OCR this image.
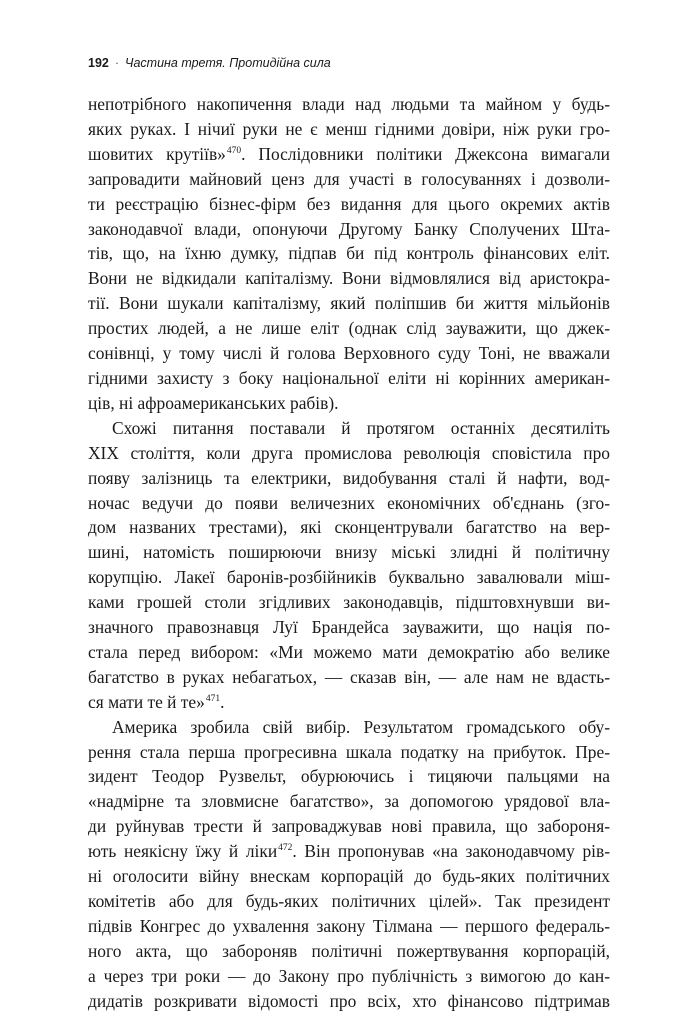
192 · Частина третя. Протидійна сила
непотрібного накопичення влади над людьми та майном у будь-
яких руках. І нічиї руки не є менш гідними довіри, ніж руки гро-
шовитих крутіїв»$^{470}$. Послідовники політики Джексона вимагали
запровадити майновий ценз для участі в голосуваннях і дозволи-
ти реєстрацію бізнес-фірм без видання для цього окремих актів
законодавчої влади, опонуючи Другому Банку Сполучених Шта-
тів, що, на їхню думку, підпав би під контроль фінансових еліт.
Вони не відкидали капіталізму. Вони відмовлялися від аристокра-
тії. Вони шукали капіталізму, який поліпшив би життя мільйонів
простих людей, а не лише еліт (однак слід зауважити, що джек-
сонівнці, у тому числі й голова Верховного суду Тоні, не вважали
гідними захисту з боку національної еліти ні корінних американ-
ців, ні афроамериканських рабів).
Схожі питання поставали й протягом останніх десятиліть
XIX століття, коли друга промислова революція сповістила про
появу залізниць та електрики, видобування сталі й нафти, вод-
ночас ведучи до появи величезних економічних об'єднань (зго-
дом названих трестами), які сконцентрували багатство на вер-
шині, натомість поширюючи внизу міські злидні й політичну
корупцію. Лакеї баронів-розбійників буквально завалювали міш-
ками грошей столи згідливих законодавців, підштовхнувши ви-
значного правознавця Луї Брандейса зауважити, що нація по-
стала перед вибором: «Ми можемо мати демократію або велике
багатство в руках небагатьох, — сказав він, — але нам не вдасть-
ся мати те й те»$^{471}$.
Америка зробила свій вибір. Результатом громадського обу-
рення стала перша прогресивна шкала податку на прибуток. Пре-
зидент Теодор Рузвельт, обурюючись і тицяючи пальцями на
«надмірне та зловмисне багатство», за допомогою урядової вла-
ди руйнував трести й запроваджував нові правила, що забороня-
ють неякісну їжу й ліки$^{472}$. Він пропонував «на законодавчому рів-
ні оголосити війну внескам корпорацій до будь-яких політичних
комітетів або для будь-яких політичних цілей». Так президент
підвів Конгрес до ухвалення закону Тілмана — першого федераль-
ного акта, що забороняв політичні пожертвування корпорацій,
а через три роки — до Закону про публічність з вимогою до кан-
дидатів розкривати відомості про всіх, хто фінансово підтримав
